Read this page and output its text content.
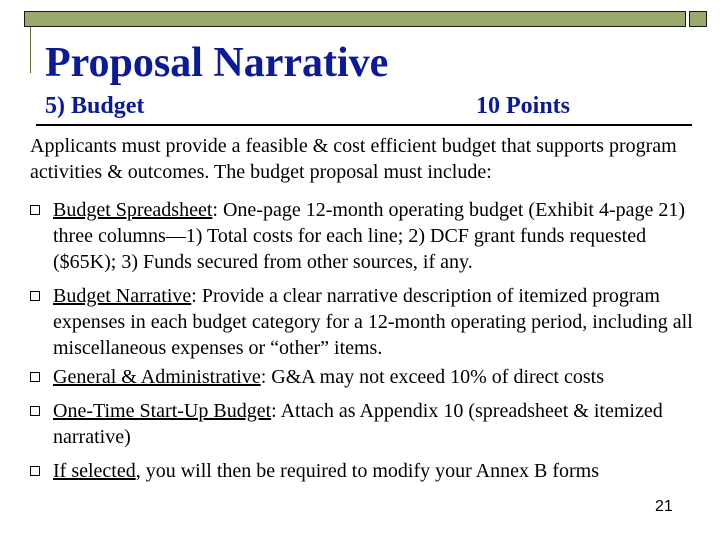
Proposal Narrative
5) Budget	10 Points
Applicants must provide a feasible & cost efficient budget that supports program activities & outcomes. The budget proposal must include:
Budget Spreadsheet: One-page 12-month operating budget (Exhibit 4-page 21) three columns—1) Total costs for each line; 2) DCF grant funds requested ($65K); 3) Funds secured from other sources, if any.
Budget Narrative: Provide a clear narrative description of itemized program expenses in each budget category for a 12-month operating period, including all miscellaneous expenses or “other” items.
General & Administrative: G&A may not exceed 10% of direct costs
One-Time Start-Up Budget: Attach as Appendix 10 (spreadsheet & itemized narrative)
If selected, you will then be required to modify your Annex B forms
21
